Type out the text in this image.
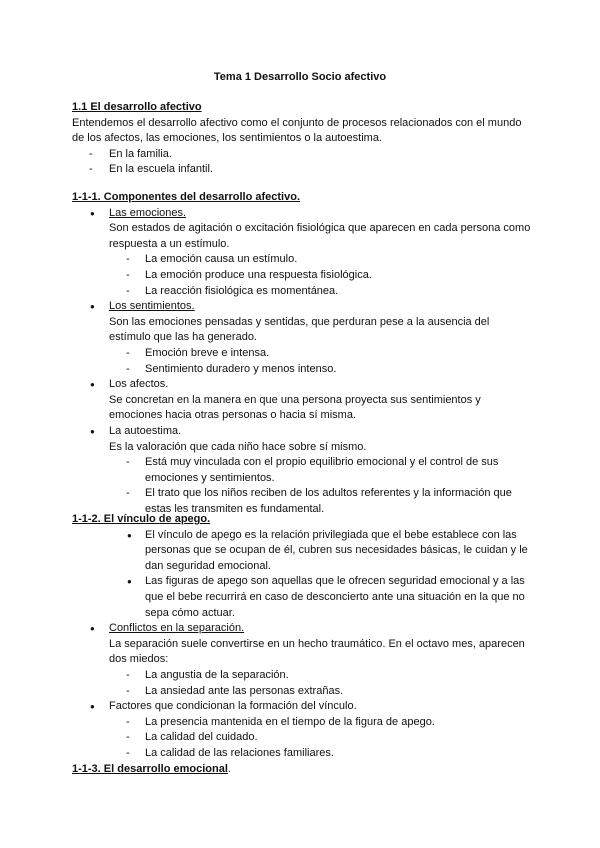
Tema 1 Desarrollo Socio afectivo
1.1 El desarrollo afectivo

Entendemos el desarrollo afectivo como el conjunto de procesos relacionados con el mundo de los afectos, las emociones, los sentimientos o la autoestima.

- En la familia.
- En la escuela infantil.
1-1-1. Componentes del desarrollo afectivo.
● Las emociones.

Son estados de agitación o excitación fisiológica que aparecen en cada persona como respuesta a un estímulo.

- La emoción causa un estímulo.
- La emoción produce una respuesta fisiológica.
- La reacción fisiológica es momentánea.
● Los sentimientos.

Son las emociones pensadas y sentidas, que perduran pese a la ausencia del estímulo que las ha generado.

- Emoción breve e intensa.
- Sentimiento duradero y menos intenso.
● Los afectos.

Se concretan en la manera en que una persona proyecta sus sentimientos y emociones hacia otras personas o hacia sí misma.

● La autoestima.

Es la valoración que cada niño hace sobre sí mismo.

- Está muy vinculada con el propio equilibrio emocional y el control de sus emociones y sentimientos.
- El trato que los niños reciben de los adultos referentes y la información que estas les transmiten es fundamental.
1-1-2. El vínculo de apego.
● El vínculo de apego es la relación privilegiada que el bebe establece con las personas que se ocupan de él, cubren sus necesidades básicas, le cuidan y le dan seguridad emocional.
● Las figuras de apego son aquellas que le ofrecen seguridad emocional y a las que el bebe recurrirá en caso de desconcierto ante una situación en la que no sepa cómo actuar.
● Conflictos en la separación.

La separación suele convertirse en un hecho traumático. En el octavo mes, aparecen dos miedos:

- La angustia de la separación.
- La ansiedad ante las personas extrañas.
● Factores que condicionan la formación del vínculo.
- La presencia mantenida en el tiempo de la figura de apego.
- La calidad del cuidado.
- La calidad de las relaciones familiares.

1-1-3. El desarrollo emocional.
